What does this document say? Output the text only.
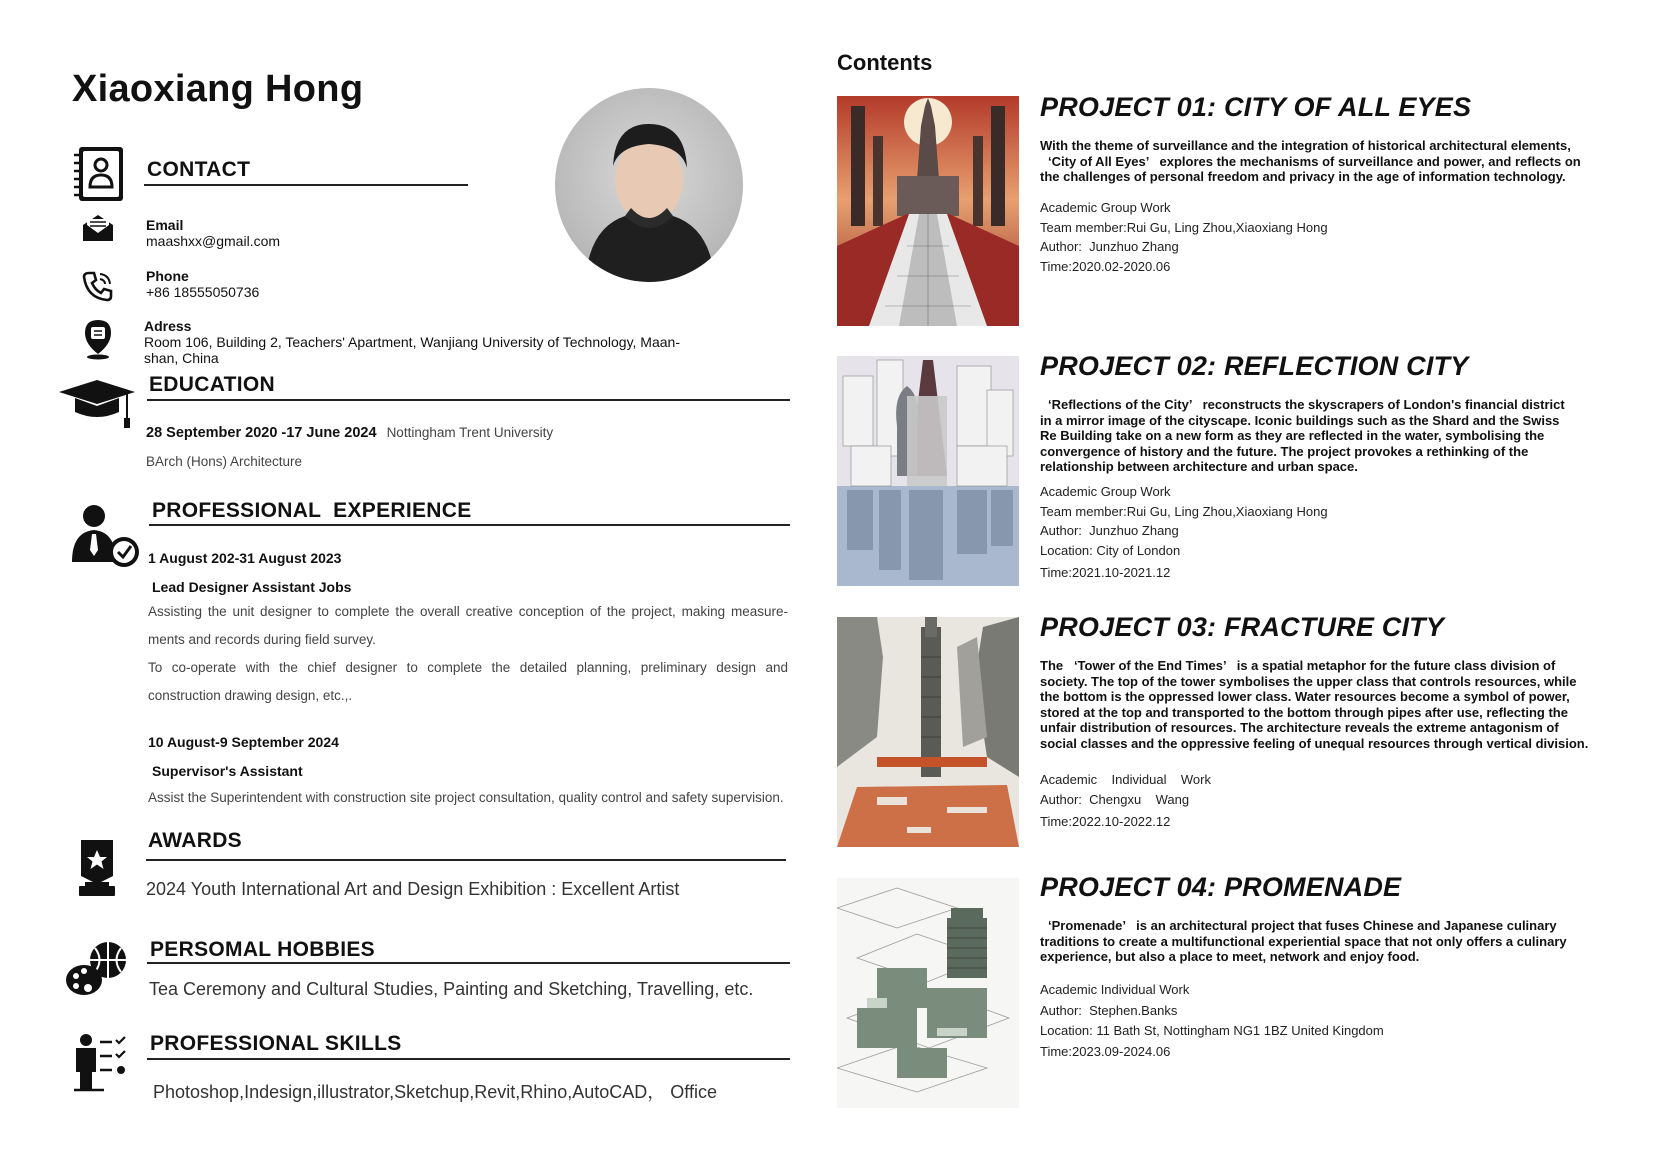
Xiaoxiang Hong
CONTACT
Email
maashxx@gmail.com
Phone
+86 18555050736
Adress
Room 106, Building 2, Teachers' Apartment, Wanjiang University of Technology, Maan-
shan, China
EDUCATION
28 September 2020 -17 June 2024 Nottingham Trent University
BArch (Hons) Architecture
PROFESSIONAL  EXPERIENCE
1 August 202-31 August 2023
Lead Designer Assistant Jobs
Assisting the unit designer to complete the overall creative conception of the project, making measure-
ments and records during field survey.
To co-operate with the chief designer to complete the detailed planning, preliminary design and
construction drawing design, etc.,.
10 August-9 September 2024
Supervisor's Assistant
Assist the Superintendent with construction site project consultation, quality control and safety supervision.
AWARDS
2024 Youth International Art and Design Exhibition : Excellent Artist
PERSOMAL HOBBIES
Tea Ceremony and Cultural Studies, Painting and Sketching, Travelling, etc.
PROFESSIONAL SKILLS
Photoshop,Indesign,illustrator,Sketchup,Revit,Rhino,AutoCAD， Office
Contents
PROJECT 01: CITY OF ALL EYES
With the theme of surveillance and the integration of historical architectural elements,
‘City of All Eyes’   explores the mechanisms of surveillance and power, and reflects on
the challenges of personal freedom and privacy in the age of information technology.
Academic Group Work
Team member:Rui Gu, Ling Zhou,Xiaoxiang Hong
Author:  Junzhuo Zhang
Time:2020.02-2020.06
PROJECT 02: REFLECTION CITY
‘Reflections of the City’   reconstructs the skyscrapers of London's financial district
in a mirror image of the cityscape. Iconic buildings such as the Shard and the Swiss
Re Building take on a new form as they are reflected in the water, symbolising the
convergence of history and the future. The project provokes a rethinking of the
relationship between architecture and urban space.
Academic Group Work
Team member:Rui Gu, Ling Zhou,Xiaoxiang Hong
Author:  Junzhuo Zhang
Location: City of London
Time:2021.10-2021.12
PROJECT 03: FRACTURE CITY
The   ‘Tower of the End Times’   is a spatial metaphor for the future class division of
society. The top of the tower symbolises the upper class that controls resources, while
the bottom is the oppressed lower class. Water resources become a symbol of power,
stored at the top and transported to the bottom through pipes after use, reflecting the
unfair distribution of resources. The architecture reveals the extreme antagonism of
social classes and the oppressive feeling of unequal resources through vertical division.
Academic    Individual    Work
Author:  Chengxu    Wang
Time:2022.10-2022.12
PROJECT 04: PROMENADE
‘Promenade’   is an architectural project that fuses Chinese and Japanese culinary
traditions to create a multifunctional experiential space that not only offers a culinary
experience, but also a place to meet, network and enjoy food.
Academic Individual Work
Author:  Stephen.Banks
Location: 11 Bath St, Nottingham NG1 1BZ United Kingdom
Time:2023.09-2024.06
